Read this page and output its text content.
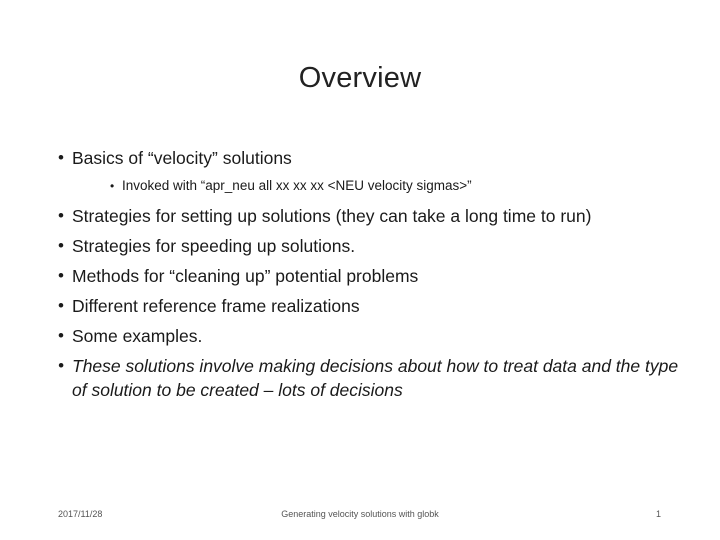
Overview
• Basics of “velocity” solutions
• Invoked with “apr_neu all xx xx xx <NEU velocity sigmas>”
• Strategies for setting up solutions (they can take a long time to run)
• Strategies for speeding up solutions.
• Methods for “cleaning up” potential problems
• Different reference frame realizations
• Some examples.
• These solutions involve making decisions about how to treat data and the type of solution to be created – lots of decisions
2017/11/28	Generating velocity solutions with globk	1
